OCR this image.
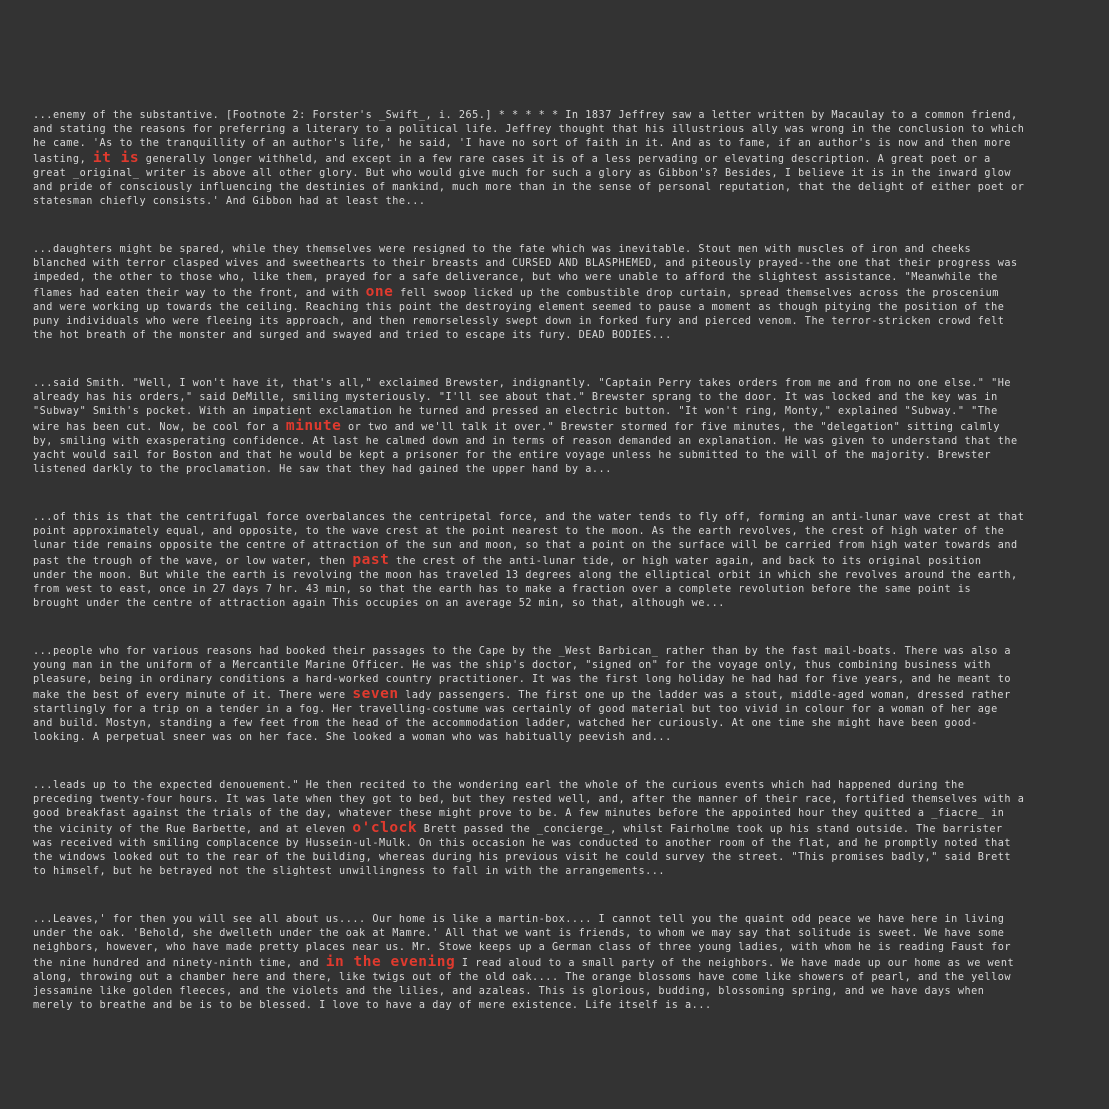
...enemy of the substantive. [Footnote 2: Forster's _Swift_, i. 265.] * * * * * In 1837 Jeffrey saw a letter written by Macaulay to a common friend,
and stating the reasons for preferring a literary to a political life. Jeffrey thought that his illustrious ally was wrong in the conclusion to which
he came. 'As to the tranquillity of an author's life,' he said, 'I have no sort of faith in it. And as to fame, if an author's is now and then more
lasting, it is generally longer withheld, and except in a few rare cases it is of a less pervading or elevating description. A great poet or a
great _original_ writer is above all other glory. But who would give much for such a glory as Gibbon's? Besides, I believe it is in the inward glow
and pride of consciously influencing the destinies of mankind, much more than in the sense of personal reputation, that the delight of either poet or
statesman chiefly consists.' And Gibbon had at least the...

...daughters might be spared, while they themselves were resigned to the fate which was inevitable. Stout men with muscles of iron and cheeks
blanched with terror clasped wives and sweethearts to their breasts and CURSED AND BLASPHEMED, and piteously prayed--the one that their progress was
impeded, the other to those who, like them, prayed for a safe deliverance, but who were unable to afford the slightest assistance. "Meanwhile the
flames had eaten their way to the front, and with one fell swoop licked up the combustible drop curtain, spread themselves across the proscenium
and were working up towards the ceiling. Reaching this point the destroying element seemed to pause a moment as though pitying the position of the
puny individuals who were fleeing its approach, and then remorselessly swept down in forked fury and pierced venom. The terror-stricken crowd felt
the hot breath of the monster and surged and swayed and tried to escape its fury. DEAD BODIES...

...said Smith. "Well, I won't have it, that's all," exclaimed Brewster, indignantly. "Captain Perry takes orders from me and from no one else." "He
already has his orders," said DeMille, smiling mysteriously. "I'll see about that." Brewster sprang to the door. It was locked and the key was in
"Subway" Smith's pocket. With an impatient exclamation he turned and pressed an electric button. "It won't ring, Monty," explained "Subway." "The
wire has been cut. Now, be cool for a minute or two and we'll talk it over." Brewster stormed for five minutes, the "delegation" sitting calmly
by, smiling with exasperating confidence. At last he calmed down and in terms of reason demanded an explanation. He was given to understand that the
yacht would sail for Boston and that he would be kept a prisoner for the entire voyage unless he submitted to the will of the majority. Brewster
listened darkly to the proclamation. He saw that they had gained the upper hand by a...

...of this is that the centrifugal force overbalances the centripetal force, and the water tends to fly off, forming an anti-lunar wave crest at that
point approximately equal, and opposite, to the wave crest at the point nearest to the moon. As the earth revolves, the crest of high water of the
lunar tide remains opposite the centre of attraction of the sun and moon, so that a point on the surface will be carried from high water towards and
past the trough of the wave, or low water, then past the crest of the anti-lunar tide, or high water again, and back to its original position
under the moon. But while the earth is revolving the moon has traveled 13 degrees along the elliptical orbit in which she revolves around the earth,
from west to east, once in 27 days 7 hr. 43 min, so that the earth has to make a fraction over a complete revolution before the same point is
brought under the centre of attraction again This occupies on an average 52 min, so that, although we...

...people who for various reasons had booked their passages to the Cape by the _West Barbican_ rather than by the fast mail-boats. There was also a
young man in the uniform of a Mercantile Marine Officer. He was the ship's doctor, "signed on" for the voyage only, thus combining business with
pleasure, being in ordinary conditions a hard-worked country practitioner. It was the first long holiday he had had for five years, and he meant to
make the best of every minute of it. There were seven lady passengers. The first one up the ladder was a stout, middle-aged woman, dressed rather
startlingly for a trip on a tender in a fog. Her travelling-costume was certainly of good material but too vivid in colour for a woman of her age
and build. Mostyn, standing a few feet from the head of the accommodation ladder, watched her curiously. At one time she might have been good-
looking. A perpetual sneer was on her face. She looked a woman who was habitually peevish and...

...leads up to the expected denouement." He then recited to the wondering earl the whole of the curious events which had happened during the
preceding twenty-four hours. It was late when they got to bed, but they rested well, and, after the manner of their race, fortified themselves with a
good breakfast against the trials of the day, whatever these might prove to be. A few minutes before the appointed hour they quitted a _fiacre_ in
the vicinity of the Rue Barbette, and at eleven o'clock Brett passed the _concierge_, whilst Fairholme took up his stand outside. The barrister
was received with smiling complacence by Hussein-ul-Mulk. On this occasion he was conducted to another room of the flat, and he promptly noted that
the windows looked out to the rear of the building, whereas during his previous visit he could survey the street. "This promises badly," said Brett
to himself, but he betrayed not the slightest unwillingness to fall in with the arrangements...

...Leaves,' for then you will see all about us.... Our home is like a martin-box.... I cannot tell you the quaint odd peace we have here in living
under the oak. 'Behold, she dwelleth under the oak at Mamre.' All that we want is friends, to whom we may say that solitude is sweet. We have some
neighbors, however, who have made pretty places near us. Mr. Stowe keeps up a German class of three young ladies, with whom he is reading Faust for
the nine hundred and ninety-ninth time, and in the evening I read aloud to a small party of the neighbors. We have made up our home as we went
along, throwing out a chamber here and there, like twigs out of the old oak.... The orange blossoms have come like showers of pearl, and the yellow
jessamine like golden fleeces, and the violets and the lilies, and azaleas. This is glorious, budding, blossoming spring, and we have days when
merely to breathe and be is to be blessed. I love to have a day of mere existence. Life itself is a...
